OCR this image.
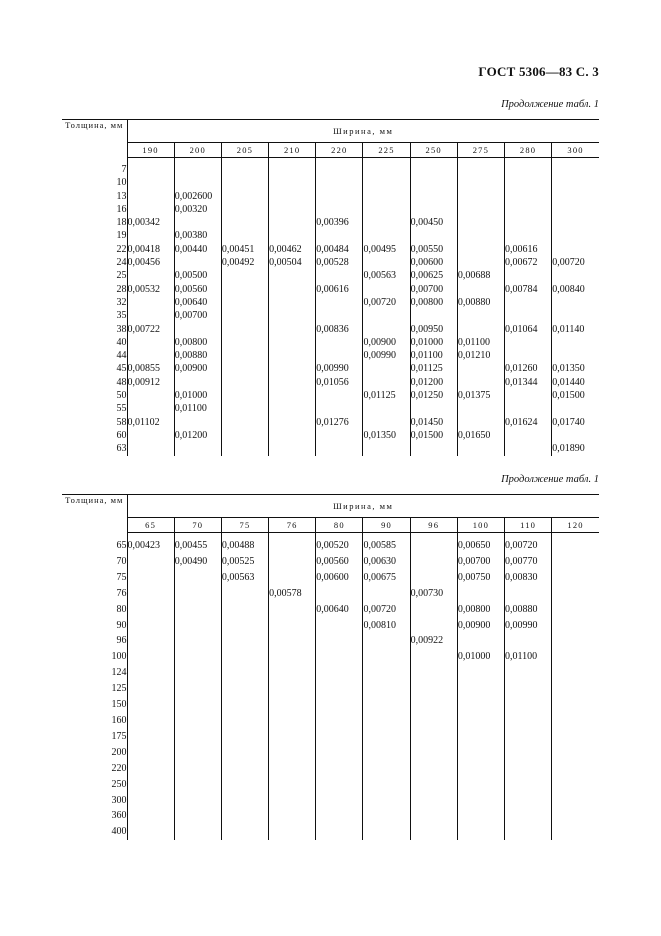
ГОСТ 5306—83 С. 3
Продолжение табл. 1
Толщина, мм	Ширина, мм									
	190	200	205	210	220	225	250	275	280	300
7										
10										
13		0,002600								
16		0,00320								
18	0,00342				0,00396		0,00450			
19		0,00380								
22	0,00418	0,00440	0,00451	0,00462	0,00484	0,00495	0,00550		0,00616	
24	0,00456		0,00492	0,00504	0,00528		0,00600		0,00672	0,00720
25		0,00500				0,00563	0,00625	0,00688		
28	0,00532	0,00560			0,00616		0,00700		0,00784	0,00840
32		0,00640				0,00720	0,00800	0,00880		
35		0,00700								
38	0,00722				0,00836		0,00950		0,01064	0,01140
40		0,00800				0,00900	0,01000	0,01100		
44		0,00880				0,00990	0,01100	0,01210		
45	0,00855	0,00900			0,00990		0,01125		0,01260	0,01350
48	0,00912				0,01056		0,01200		0,01344	0,01440
50		0,01000				0,01125	0,01250	0,01375		0,01500
55		0,01100								
58	0,01102				0,01276		0,01450		0,01624	0,01740
60		0,01200				0,01350	0,01500	0,01650		
63										0,01890
Продолжение табл. 1
Толщина, мм	Ширина, мм									
	65	70	75	76	80	90	96	100	110	120
65	0,00423	0,00455	0,00488		0,00520	0,00585		0,00650	0,00720	
70		0,00490	0,00525		0,00560	0,00630		0,00700	0,00770	
75			0,00563		0,00600	0,00675		0,00750	0,00830	
76				0,00578			0,00730			
80					0,00640	0,00720		0,00800	0,00880	
90						0,00810		0,00900	0,00990	
96							0,00922			
100								0,01000	0,01100	
124										
125										
150										
160										
175										
200										
220										
250										
300										
360										
400										
